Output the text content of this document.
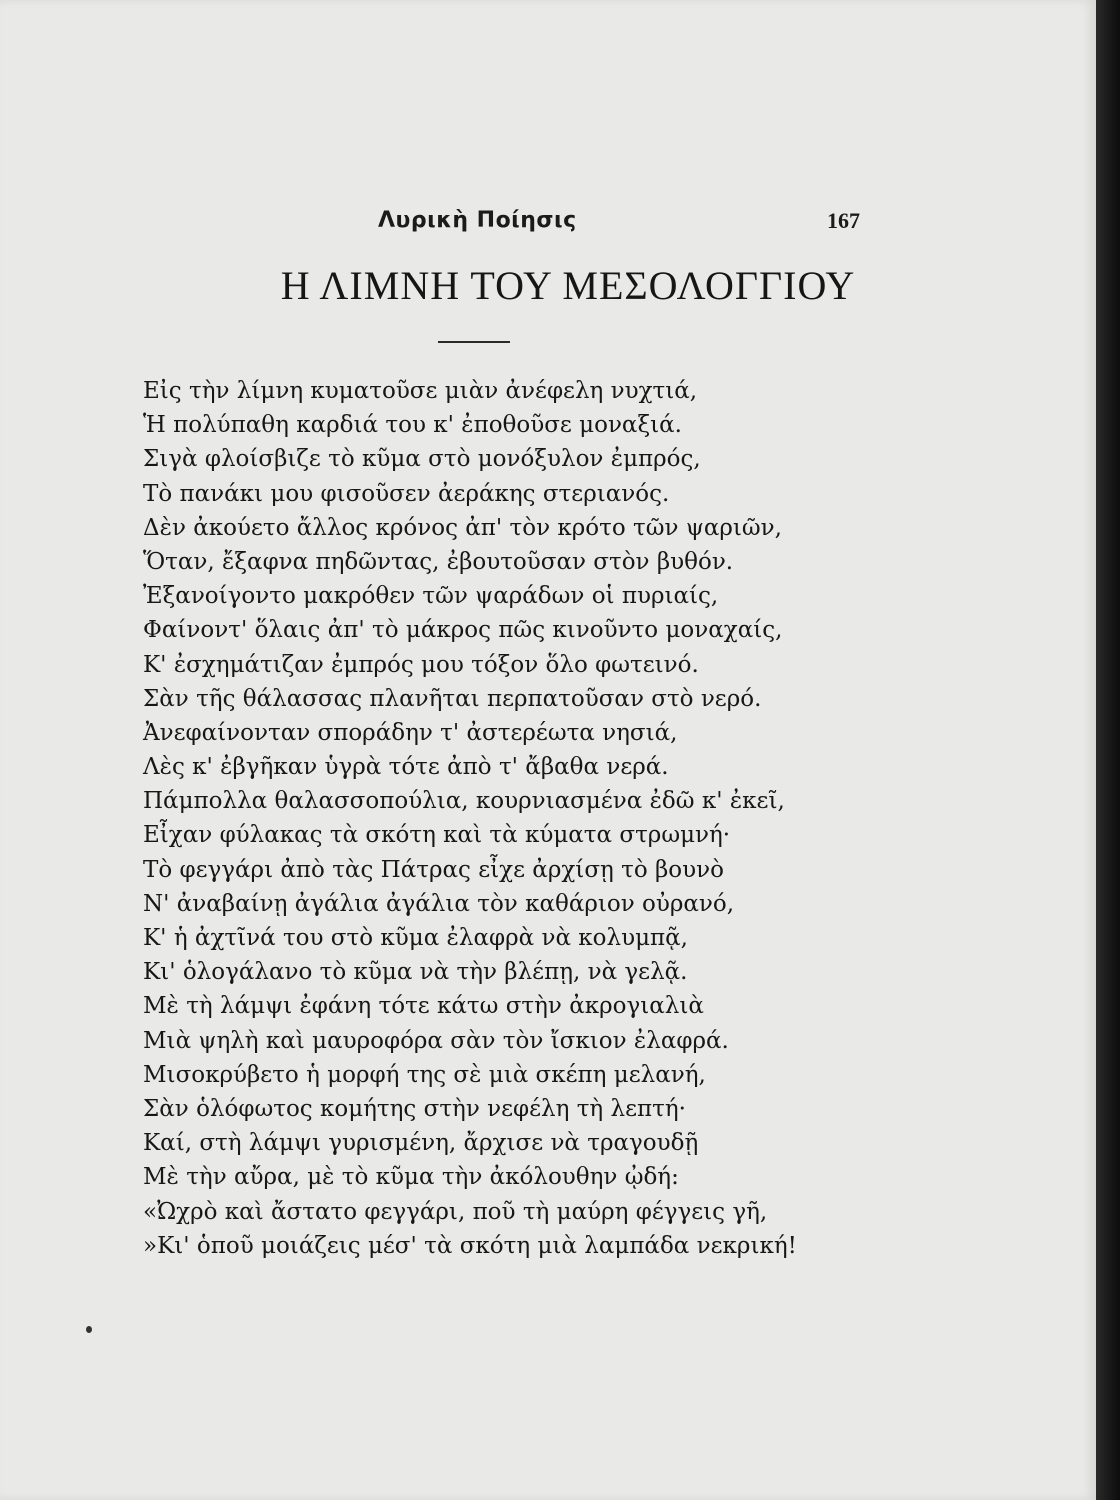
Λυρικὴ Ποίησις	167
Η ΛΙΜΝΗ ΤΟΥ ΜΕΣΟΛΟΓΓΙΟΥ
Εἰς τὴν λίμνη κυματοῦσε μιὰν ἀνέφελη νυχτιά,
Ἡ πολύπαθη καρδιά του κ' ἐποθοῦσε μοναξιά.
Σιγὰ φλοίσβιζε τὸ κῦμα στὸ μονόξυλον ἐμπρός,
Τὸ πανάκι μου φισοῦσεν ἀεράκης στεριανός.
Δὲν ἀκούετο ἄλλος κρόνος ἀπ' τὸν κρότο τῶν ψαριῶν,
Ὅταν, ἔξαφνα πηδῶντας, ἐβουτοῦσαν στὸν βυθόν.
Ἐξανοίγοντο μακρόθεν τῶν ψαράδων οἱ πυριαίς,
Φαίνοντ' ὅλαις ἀπ' τὸ μάκρος πῶς κινοῦντο μοναχαίς,
Κ' ἐσχημάτιζαν ἐμπρός μου τόξον ὅλο φωτεινό.
Σὰν τῆς θάλασσας πλανῆται περπατοῦσαν στὸ νερό.
Ἀνεφαίνονταν σποράδην τ' ἀστερέωτα νησιά,
Λὲς κ' ἐβγῆκαν ὑγρὰ τότε ἀπὸ τ' ἄβαθα νερά.
Πάμπολλα θαλασσοπούλια, κουρνιασμένα ἐδῶ κ' ἐκεῖ,
Εἶχαν φύλακας τὰ σκότη καὶ τὰ κύματα στρωμνή·
Τὸ φεγγάρι ἀπὸ τὰς Πάτρας εἶχε ἀρχίσῃ τὸ βουνὸ
Ν' ἀναβαίνῃ ἀγάλια ἀγάλια τὸν καθάριον οὐρανό,
Κ' ἡ ἀχτῖνά του στὸ κῦμα ἐλαφρὰ νὰ κολυμπᾷ,
Κι' ὁλογάλανο τὸ κῦμα νὰ τὴν βλέπῃ, νὰ γελᾷ.
Μὲ τὴ λάμψι ἐφάνη τότε κάτω στὴν ἀκρογιαλιὰ
Μιὰ ψηλὴ καὶ μαυροφόρα σὰν τὸν ἴσκιον ἐλαφρά.
Μισοκρύβετο ἡ μορφή της σὲ μιὰ σκέπη μελανή,
Σὰν ὁλόφωτος κομήτης στὴν νεφέλη τὴ λεπτή·
Καί, στὴ λάμψι γυρισμένη, ἄρχισε νὰ τραγουδῇ
Μὲ τὴν αὔρα, μὲ τὸ κῦμα τὴν ἀκόλουθην ᾠδή:
«Ὠχρὸ καὶ ἄστατο φεγγάρι, ποῦ τὴ μαύρη φέγγεις γῆ,
»Κι' ὁποῦ μοιάζεις μέσ' τὰ σκότη μιὰ λαμπάδα νεκρική!
